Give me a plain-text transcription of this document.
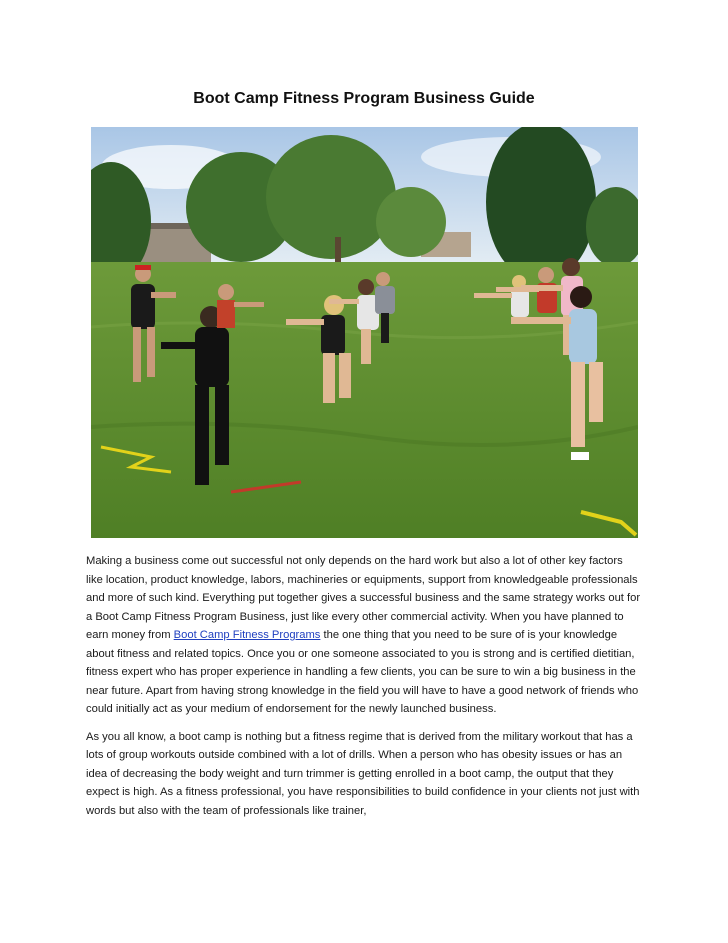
Boot Camp Fitness Program Business Guide

Making a business come out successful not only depends on the hard work but also a lot of other key factors like location, product knowledge, labors, machineries or equipments, support from knowledgeable professionals and more of such kind. Everything put together gives a successful business and the same strategy works out for a Boot Camp Fitness Program Business, just like every other commercial activity. When you have planned to earn money from Boot Camp Fitness Programs the one thing that you need to be sure of is your knowledge about fitness and related topics. Once you or one someone associated to you is strong and is certified dietitian, fitness expert who has proper experience in handling a few clients, you can be sure to win a big business in the near future. Apart from having strong knowledge in the field you will have to have a good network of friends who could initially act as your medium of endorsement for the newly launched business.

As you all know, a boot camp is nothing but a fitness regime that is derived from the military workout that has a lots of group workouts outside combined with a lot of drills. When a person who has obesity issues or has an idea of decreasing the body weight and turn trimmer is getting enrolled in a boot camp, the output that they expect is high. As a fitness professional, you have responsibilities to build confidence in your clients not just with words but also with the team of professionals like trainer,
